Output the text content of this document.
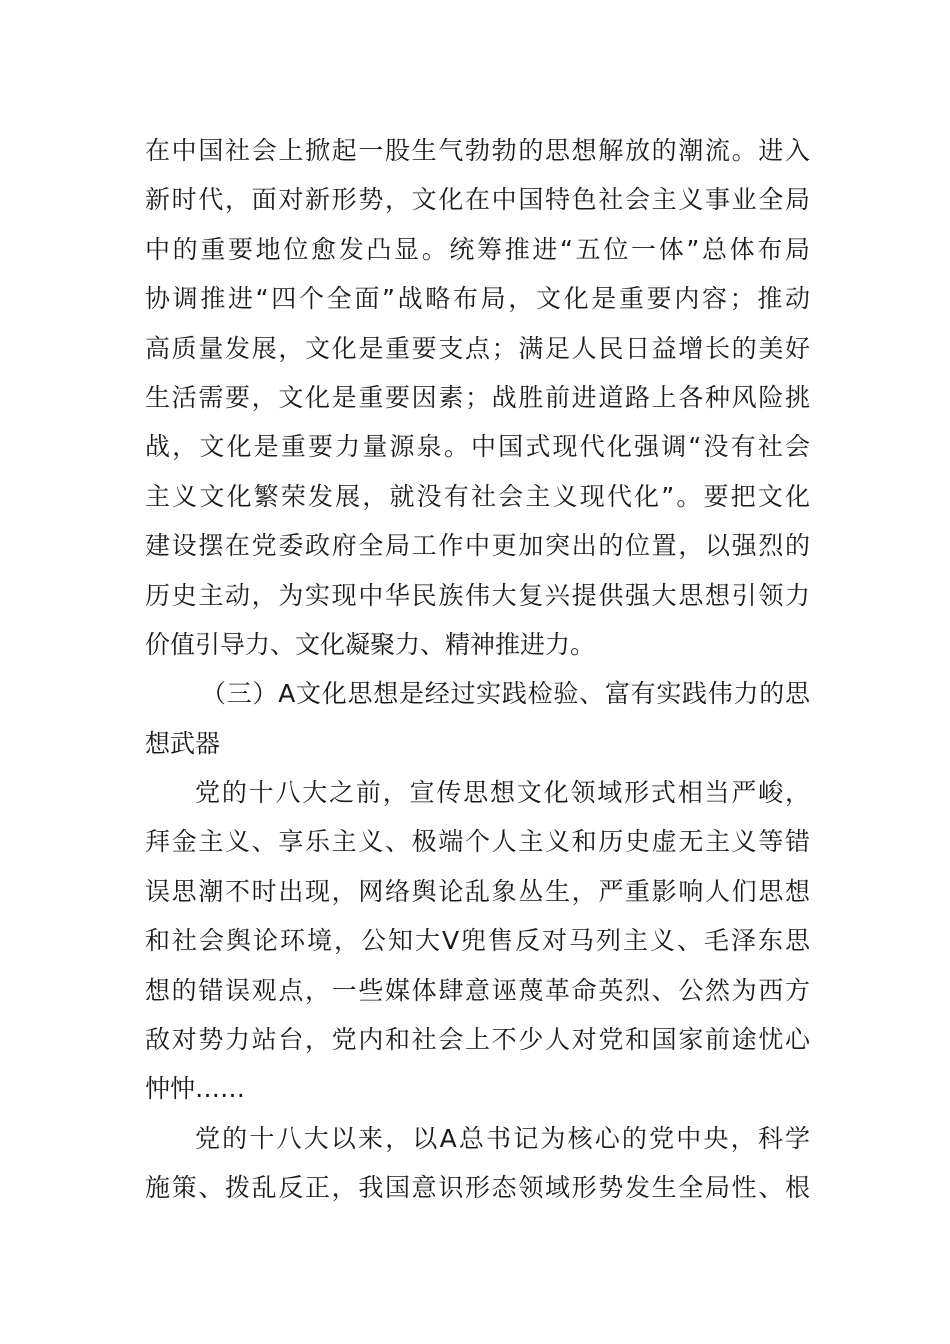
在中国社会上掀起一股生气勃勃的思想解放的潮流。进入
新时代，面对新形势，文化在中国特色社会主义事业全局
中的重要地位愈发凸显。统筹推进“五位一体”总体布局
协调推进“四个全面”战略布局，文化是重要内容；推动
高质量发展，文化是重要支点；满足人民日益增长的美好
生活需要，文化是重要因素；战胜前进道路上各种风险挑
战，文化是重要力量源泉。中国式现代化强调“没有社会
主义文化繁荣发展，就没有社会主义现代化”。要把文化
建设摆在党委政府全局工作中更加突出的位置，以强烈的
历史主动，为实现中华民族伟大复兴提供强大思想引领力
价值引导力、文化凝聚力、精神推进力。
（三）A文化思想是经过实践检验、富有实践伟力的思
想武器
党的十八大之前，宣传思想文化领域形式相当严峻，
拜金主义、享乐主义、极端个人主义和历史虚无主义等错
误思潮不时出现，网络舆论乱象丛生，严重影响人们思想
和社会舆论环境，公知大V兜售反对马列主义、毛泽东思
想的错误观点，一些媒体肆意诬蔑革命英烈、公然为西方
敌对势力站台，党内和社会上不少人对党和国家前途忧心
忡忡……
党的十八大以来，以A总书记为核心的党中央，科学
施策、拨乱反正，我国意识形态领域形势发生全局性、根
